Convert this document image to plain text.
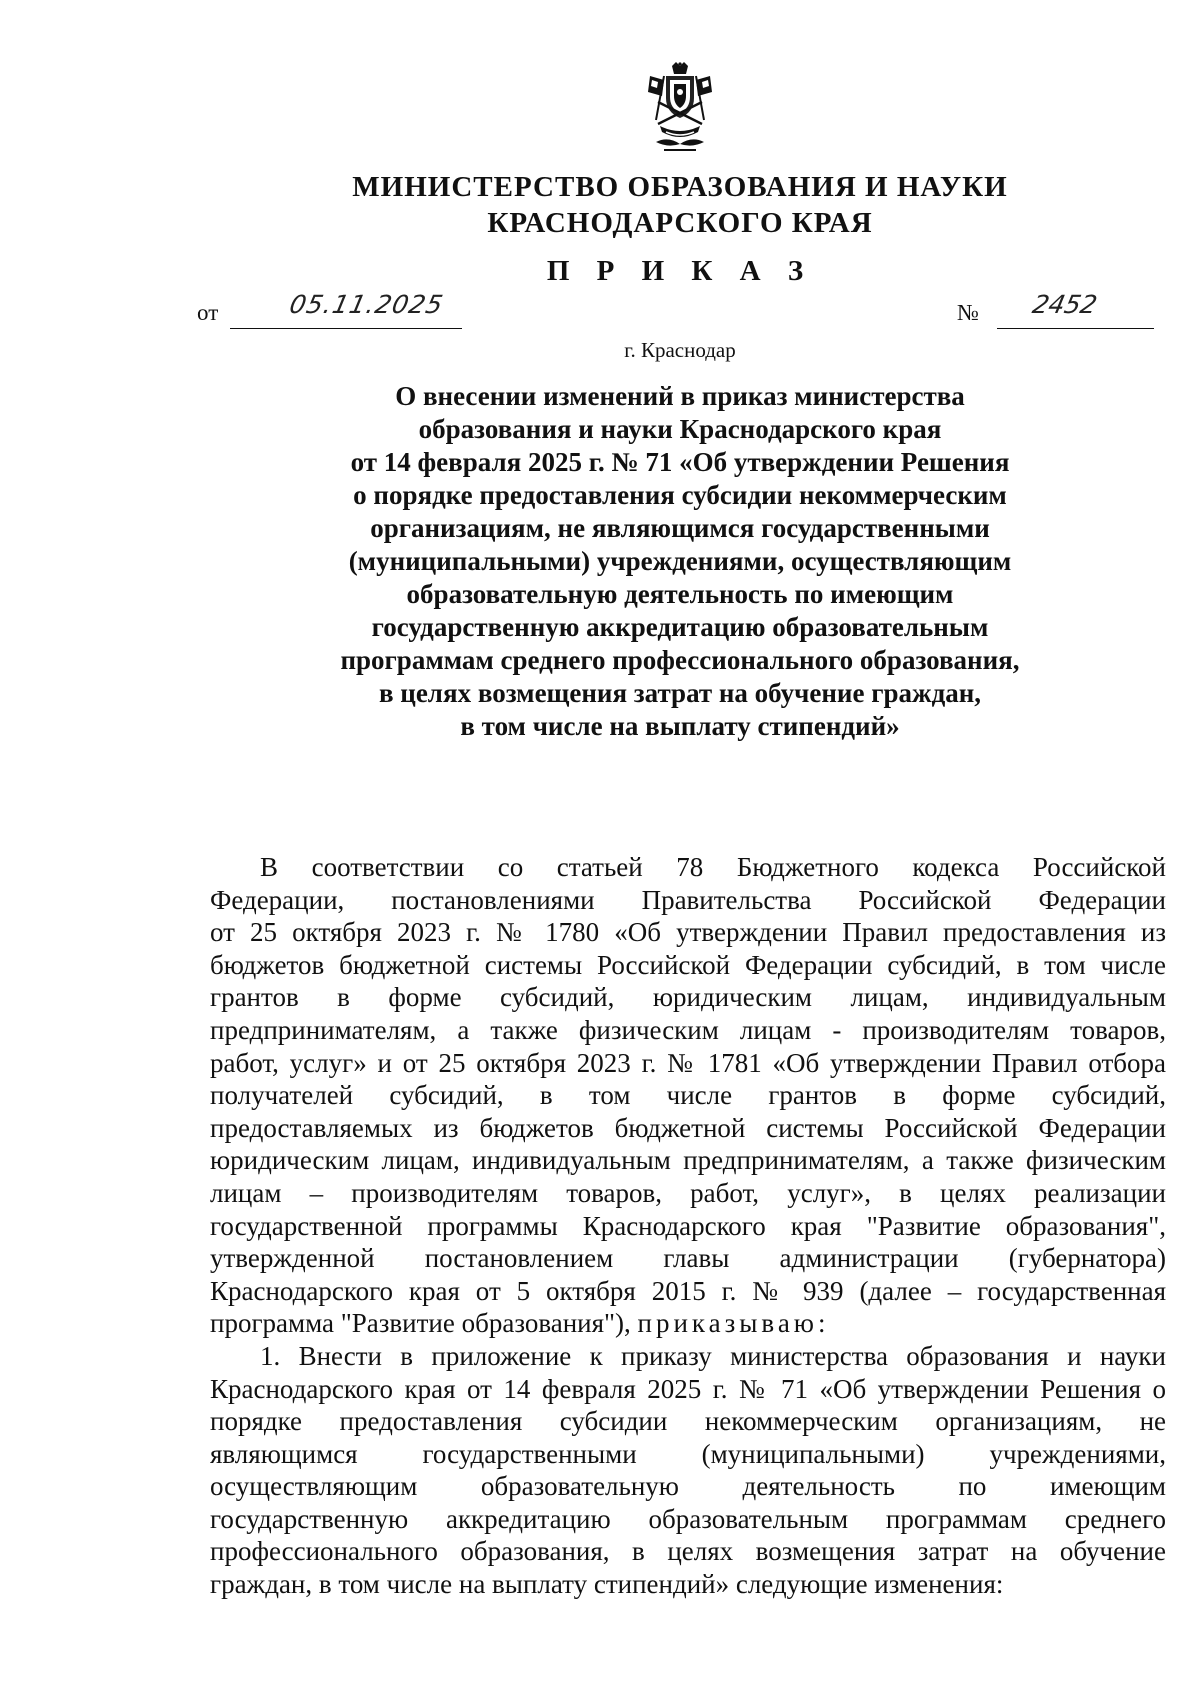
МИНИСТЕРСТВО ОБРАЗОВАНИЯ И НАУКИ
КРАСНОДАРСКОГО КРАЯ
П Р И К А З
от	05.11.2025	№ 2452
г. Краснодар
О внесении изменений в приказ министерства
образования и науки Краснодарского края
от 14 февраля 2025 г. № 71 «Об утверждении Решения
о порядке предоставления субсидии некоммерческим
организациям, не являющимся государственными
(муниципальными) учреждениями, осуществляющим
образовательную деятельность по имеющим
государственную аккредитацию образовательным
программам среднего профессионального образования,
в целях возмещения затрат на обучение граждан,
в том числе на выплату стипендий»
В соответствии со статьей 78 Бюджетного кодекса Российской
Федерации, постановлениями Правительства Российской Федерации
от 25 октября 2023 г. № 1780 «Об утверждении Правил предоставления из
бюджетов бюджетной системы Российской Федерации субсидий, в том числе
грантов в форме субсидий, юридическим лицам, индивидуальным
предпринимателям, а также физическим лицам - производителям товаров,
работ, услуг» и от 25 октября 2023 г. № 1781 «Об утверждении Правил отбора
получателей субсидий, в том числе грантов в форме субсидий,
предоставляемых из бюджетов бюджетной системы Российской Федерации
юридическим лицам, индивидуальным предпринимателям, а также физическим
лицам – производителям товаров, работ, услуг», в целях реализации
государственной программы Краснодарского края "Развитие образования",
утвержденной постановлением главы администрации (губернатора)
Краснодарского края от 5 октября 2015 г. № 939 (далее – государственная
программа "Развитие образования"), приказываю:
1. Внести в приложение к приказу министерства образования и науки
Краснодарского края от 14 февраля 2025 г. № 71 «Об утверждении Решения о
порядке предоставления субсидии некоммерческим организациям, не
являющимся государственными (муниципальными) учреждениями,
осуществляющим образовательную деятельность по имеющим
государственную аккредитацию образовательным программам среднего
профессионального образования, в целях возмещения затрат на обучение
граждан, в том числе на выплату стипендий» следующие изменения:
